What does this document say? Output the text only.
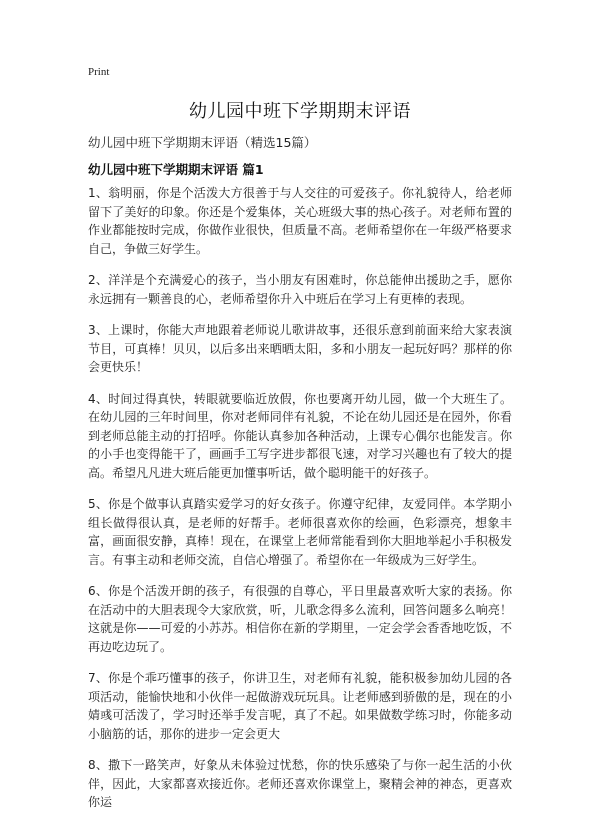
Print
幼儿园中班下学期期末评语

幼儿园中班下学期期末评语（精选15篇）

幼儿园中班下学期期末评语 篇1

1、翁明丽，你是个活泼大方很善于与人交往的可爱孩子。你礼貌待人，给老师留下了美好的印象。你还是个爱集体，关心班级大事的热心孩子。对老师布置的作业都能按时完成，你做作业很快，但质量不高。老师希望你在一年级严格要求自己，争做三好学生。

2、洋洋是个充满爱心的孩子，当小朋友有困难时，你总能伸出援助之手，愿你永远拥有一颗善良的心，老师希望你升入中班后在学习上有更棒的表现。

3、上课时，你能大声地跟着老师说儿歌讲故事，还很乐意到前面来给大家表演节目，可真棒！贝贝，以后多出来晒晒太阳，多和小朋友一起玩好吗？那样的你会更快乐！

4、时间过得真快，转眼就要临近放假，你也要离开幼儿园，做一个大班生了。在幼儿园的三年时间里，你对老师同伴有礼貌，不论在幼儿园还是在园外，你看到老师总能主动的打招呼。你能认真参加各种活动，上课专心偶尔也能发言。你的小手也变得能干了，画画手工写字进步都很飞速，对学习兴趣也有了较大的提高。希望凡凡进大班后能更加懂事听话，做个聪明能干的好孩子。

5、你是个做事认真踏实爱学习的好女孩子。你遵守纪律，友爱同伴。本学期小组长做得很认真，是老师的好帮手。老师很喜欢你的绘画，色彩漂亮，想象丰富，画面很安静，真棒！现在，在课堂上老师常能看到你大胆地举起小手积极发言。有事主动和老师交流，自信心增强了。希望你在一年级成为三好学生。

6、你是个活泼开朗的孩子，有很强的自尊心，平日里最喜欢听大家的表扬。你在活动中的大胆表现令大家欣赏，听，儿歌念得多么流利，回答问题多么响亮！这就是你——可爱的小苏苏。相信你在新的学期里，一定会学会香香地吃饭，不再边吃边玩了。

7、你是个乖巧懂事的孩子，你讲卫生，对老师有礼貌，能积极参加幼儿园的各项活动，能愉快地和小伙伴一起做游戏玩玩具。让老师感到骄傲的是，现在的小婧彧可活泼了，学习时还举手发言呢，真了不起。如果做数学练习时，你能多动小脑筋的话，那你的进步一定会更大

8、撒下一路笑声，好象从未体验过忧愁，你的快乐感染了与你一起生活的小伙伴，因此，大家都喜欢接近你。老师还喜欢你课堂上，聚精会神的神态，更喜欢你运
